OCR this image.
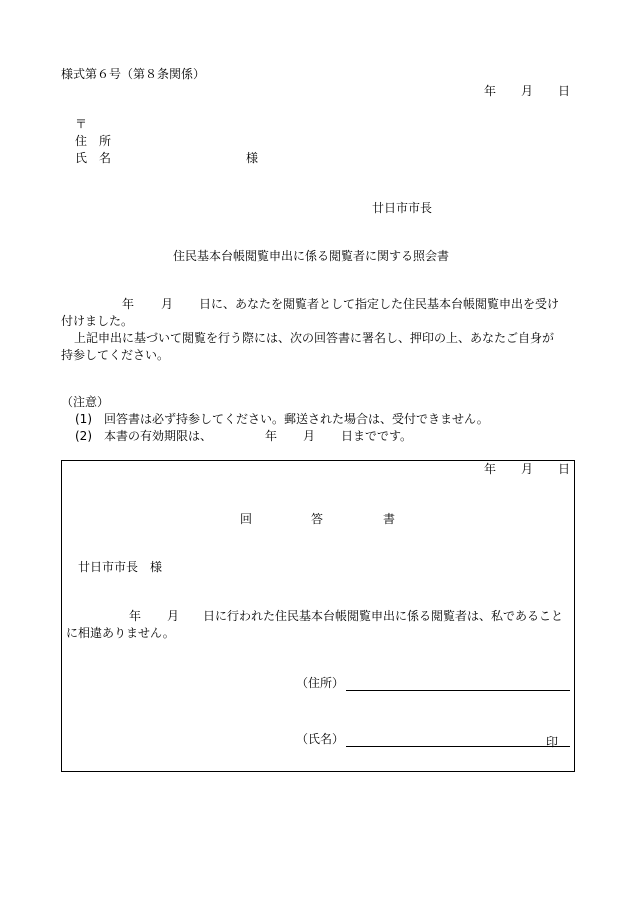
様式第６号（第８条関係）
年 月 日
〒
住　所
氏　名	様
廿日市市長
住民基本台帳閲覧申出に係る閲覧者に関する照会書
年 月 日に、あなたを閲覧者として指定した住民基本台帳閲覧申出を受け
付けました。
上記申出に基づいて閲覧を行う際には、次の回答書に署名し、押印の上、あなたご自身が
持参してください。
（注意）
(1) 回答書は必ず持参してください。郵送された場合は、受付できません。
(2) 本書の有効期限は、	年 月 日までです。
年 月 日
回	答	書
廿日市市長　様
年 月 日に行われた住民基本台帳閲覧申出に係る閲覧者は、私であること
に相違ありません。
（住所）
（氏名）	印
